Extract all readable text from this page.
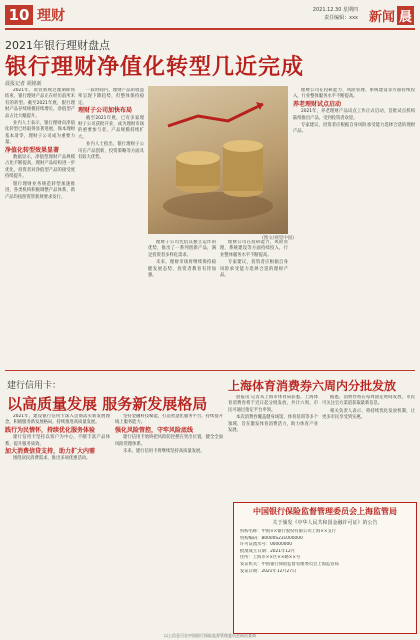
10 理财	2021.12.30 星期四
责任编辑：xxx 新闻 晨
2021年银行理财盘点
银行理财净值化转型几近完成
晨报记者 胡铭新

2021年，资管新规过渡期即将结束，银行理财产品正在经历前所未有的转型。截至2021年底，银行理财产品存续规模持续增长，净值型产品占比大幅提升。

业内人士表示，银行理财向净值化转型已经取得显著进展，保本理财基本清零，理财子公司成为重要力量。

净值化转型效果显著

数据显示，净值型理财产品规模占比不断提高，理财产品结构进一步优化，投资者对净值型产品的接受度持续提升。

银行理财业务规范转型加速推进，各类机构积极调整产品体系，新产品均按照资管新规要求发行。

一段时间内，理财产品的收益率呈现下降趋势，但整体保持稳定。

理财子公司加快布局

截至2021年底，已有多家理财子公司获批开业，成为理财市场的重要参与者，产品规模持续扩大。

业内人士指出，银行理财子公司在产品创新、投资策略等方面具有较大优势。

(图文/视觉中国)

理财子公司凭借其独立运作的优势，推出了一系列创新产品，满足投资者多样化需求。

未来，理财市场将继续保持稳健发展态势，投资者教育有待加强。

理财公司在投研能力、风险管理、系统建设等方面持续投入，行业整体服务水平不断提高。

专家建议，投资者应根据自身风险承受能力选择合适的理财产品。

理财公司在投研能力、风险管理、系统建设等方面持续投入，行业整体服务水平不断提高。

养老理财试点启动

2021年，养老理财产品试点工作正式启动，首批试点机构陆续推出产品，受到投资者欢迎。

专家建议，投资者应根据自身风险承受能力选择合适的理财产品。

建行信用卡：
以高质量发展 服务新发展格局

2021年，建设银行信用卡深入贯彻落实新发展理念，积极服务新发展格局，持续推进高质量发展。

践行为民情怀，持续优化服务体验

建行信用卡坚持以客户为中心，不断丰富产品体系，提升服务质效。

加大消费信贷支持，助力扩大内需

围绕居民消费需求，推出多项优惠活动。

坚持金融科技赋能，打造智慧化服务平台，持续提升线上服务能力。

强化风险管控，守牢风险底线

建行信用卡始终把风险防控摆在突出位置，健全全面风险管理体系。

未来，建行信用卡将继续坚持高质量发展。

上海体育消费券六周内分批发放

晨报讯 记者从上海市体育局获悉，上海体育消费券将于近日起分批发放，共计六周，市民可通过指定平台申领。

本次消费券覆盖健身场馆、体育培训等多个领域，旨在激发体育消费活力，助力体育产业发展。

据悉，消费券将在每周固定时间发放，市民可关注官方渠道获取最新信息。

相关负责人表示，将持续优化发放机制，让更多市民享受到实惠。

中国银行保险监督管理委员会上海监管局
关于颁发《中华人民共和国金融许可证》的公告
机构名称：中国××银行股份有限公司上海××支行
机构编码：B0000S231000000
许可证流水号：00000000
批准成立日期：2021年12月
住所：上海市××区××路××号
发证机关：中国银行保险监督管理委员会上海监管局
发证日期：2021年12月27日
以上信息可在中国银行保险监督管理委员会网站查询
